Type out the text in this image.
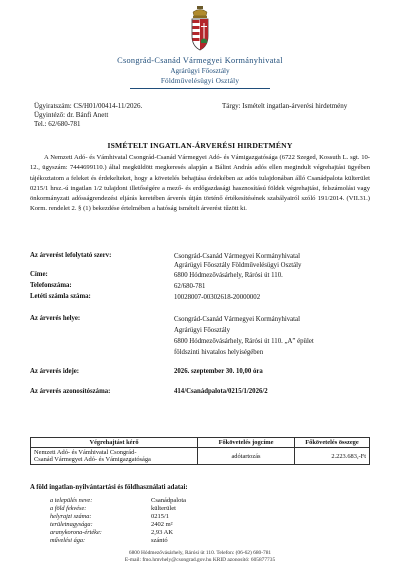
Csongrád-Csanád Vármegyei Kormányhivatal
Agrárügyi Főosztály
Földművelésügyi Osztály
Ügyiratszám: CS/H01/00414-11/2026.
Ügyintéző: dr. Bánfi Anett
Tel.: 62/680-781
Tárgy: Ismételt ingatlan-árverési hirdetmény
ISMÉTELT INGATLAN-ÁRVERÉSI HIRDETMÉNY

A Nemzeti Adó- és Vámhivatal Csongrád-Csanád Vármegyei Adó- és Vámigazgatósága (6722 Szeged, Kossuth L. sgt. 10-12., ügyszám: 7444699110.) által megküldött megkeresés alapján a Bálint András adós ellen megindult végrehajtási ügyében tájékoztatom a feleket és érdekelteket, hogy a követelés behajtása érdekében az adós tulajdonában álló Csanádpalota külterület 0215/1 hrsz.-ú ingatlan 1/2 tulajdoni illetőségére a mező- és erdőgazdasági hasznosítású földek végrehajtási, felszámolási vagy önkormányzati adósságrendezési eljárás keretében árverés útján történő értékesítésének szabályairól szóló 191/2014. (VII.31.) Korm. rendelet 2. § (1) bekezdése értelmében a hatóság ismételt árverést tűzött ki.

Az árverést lefolytató szerv:	Csongrád-Csanád Vármegyei Kormányhivatal
Agrárügyi Főosztály Földművelésügyi Osztály
Címe:	6800 Hódmezővásárhely, Rárósi út 110.
Telefonszáma:	62/680-781
Letéti számla száma:	10028007-00302618-20000002
Az árverés helye:	Csongrád-Csanád Vármegyei Kormányhivatal
Agrárügyi Főosztály
6800 Hódmezővásárhely, Rárósi út 110. „A” épület
földszinti hivatalos helyiségében
Az árverés ideje:	2026. szeptember 30. 10,00 óra
Az árverés azonosítószáma:	414/Csanádpalota/0215/1/2026/2
Végrehajtást kérő	Főkövetelés jogcíme	Főkövetelés összege

Nemzeti Adó- és Vámhivatal Csongrád-
Csanád Vármegyei Adó- és Vámigazgatósága	adótartozás	2.223.683,-Ft
A föld ingatlan-nyilvántartási és földhasználati adatai:
a település neve:	Csanádpalota
a föld fekvése:	külterület
helyrajzi száma:	0215/1
területnagysága:	2402 m²
aranykorona-értéke:	2,93 AK
művelési ága:	szántó
6800 Hódmezővásárhely, Rárósi út 110. Telefon: (06-62) 680-781
E-mail: fmo.hmvhely@csongrad.gov.hu KRID azonosító: 605877735
